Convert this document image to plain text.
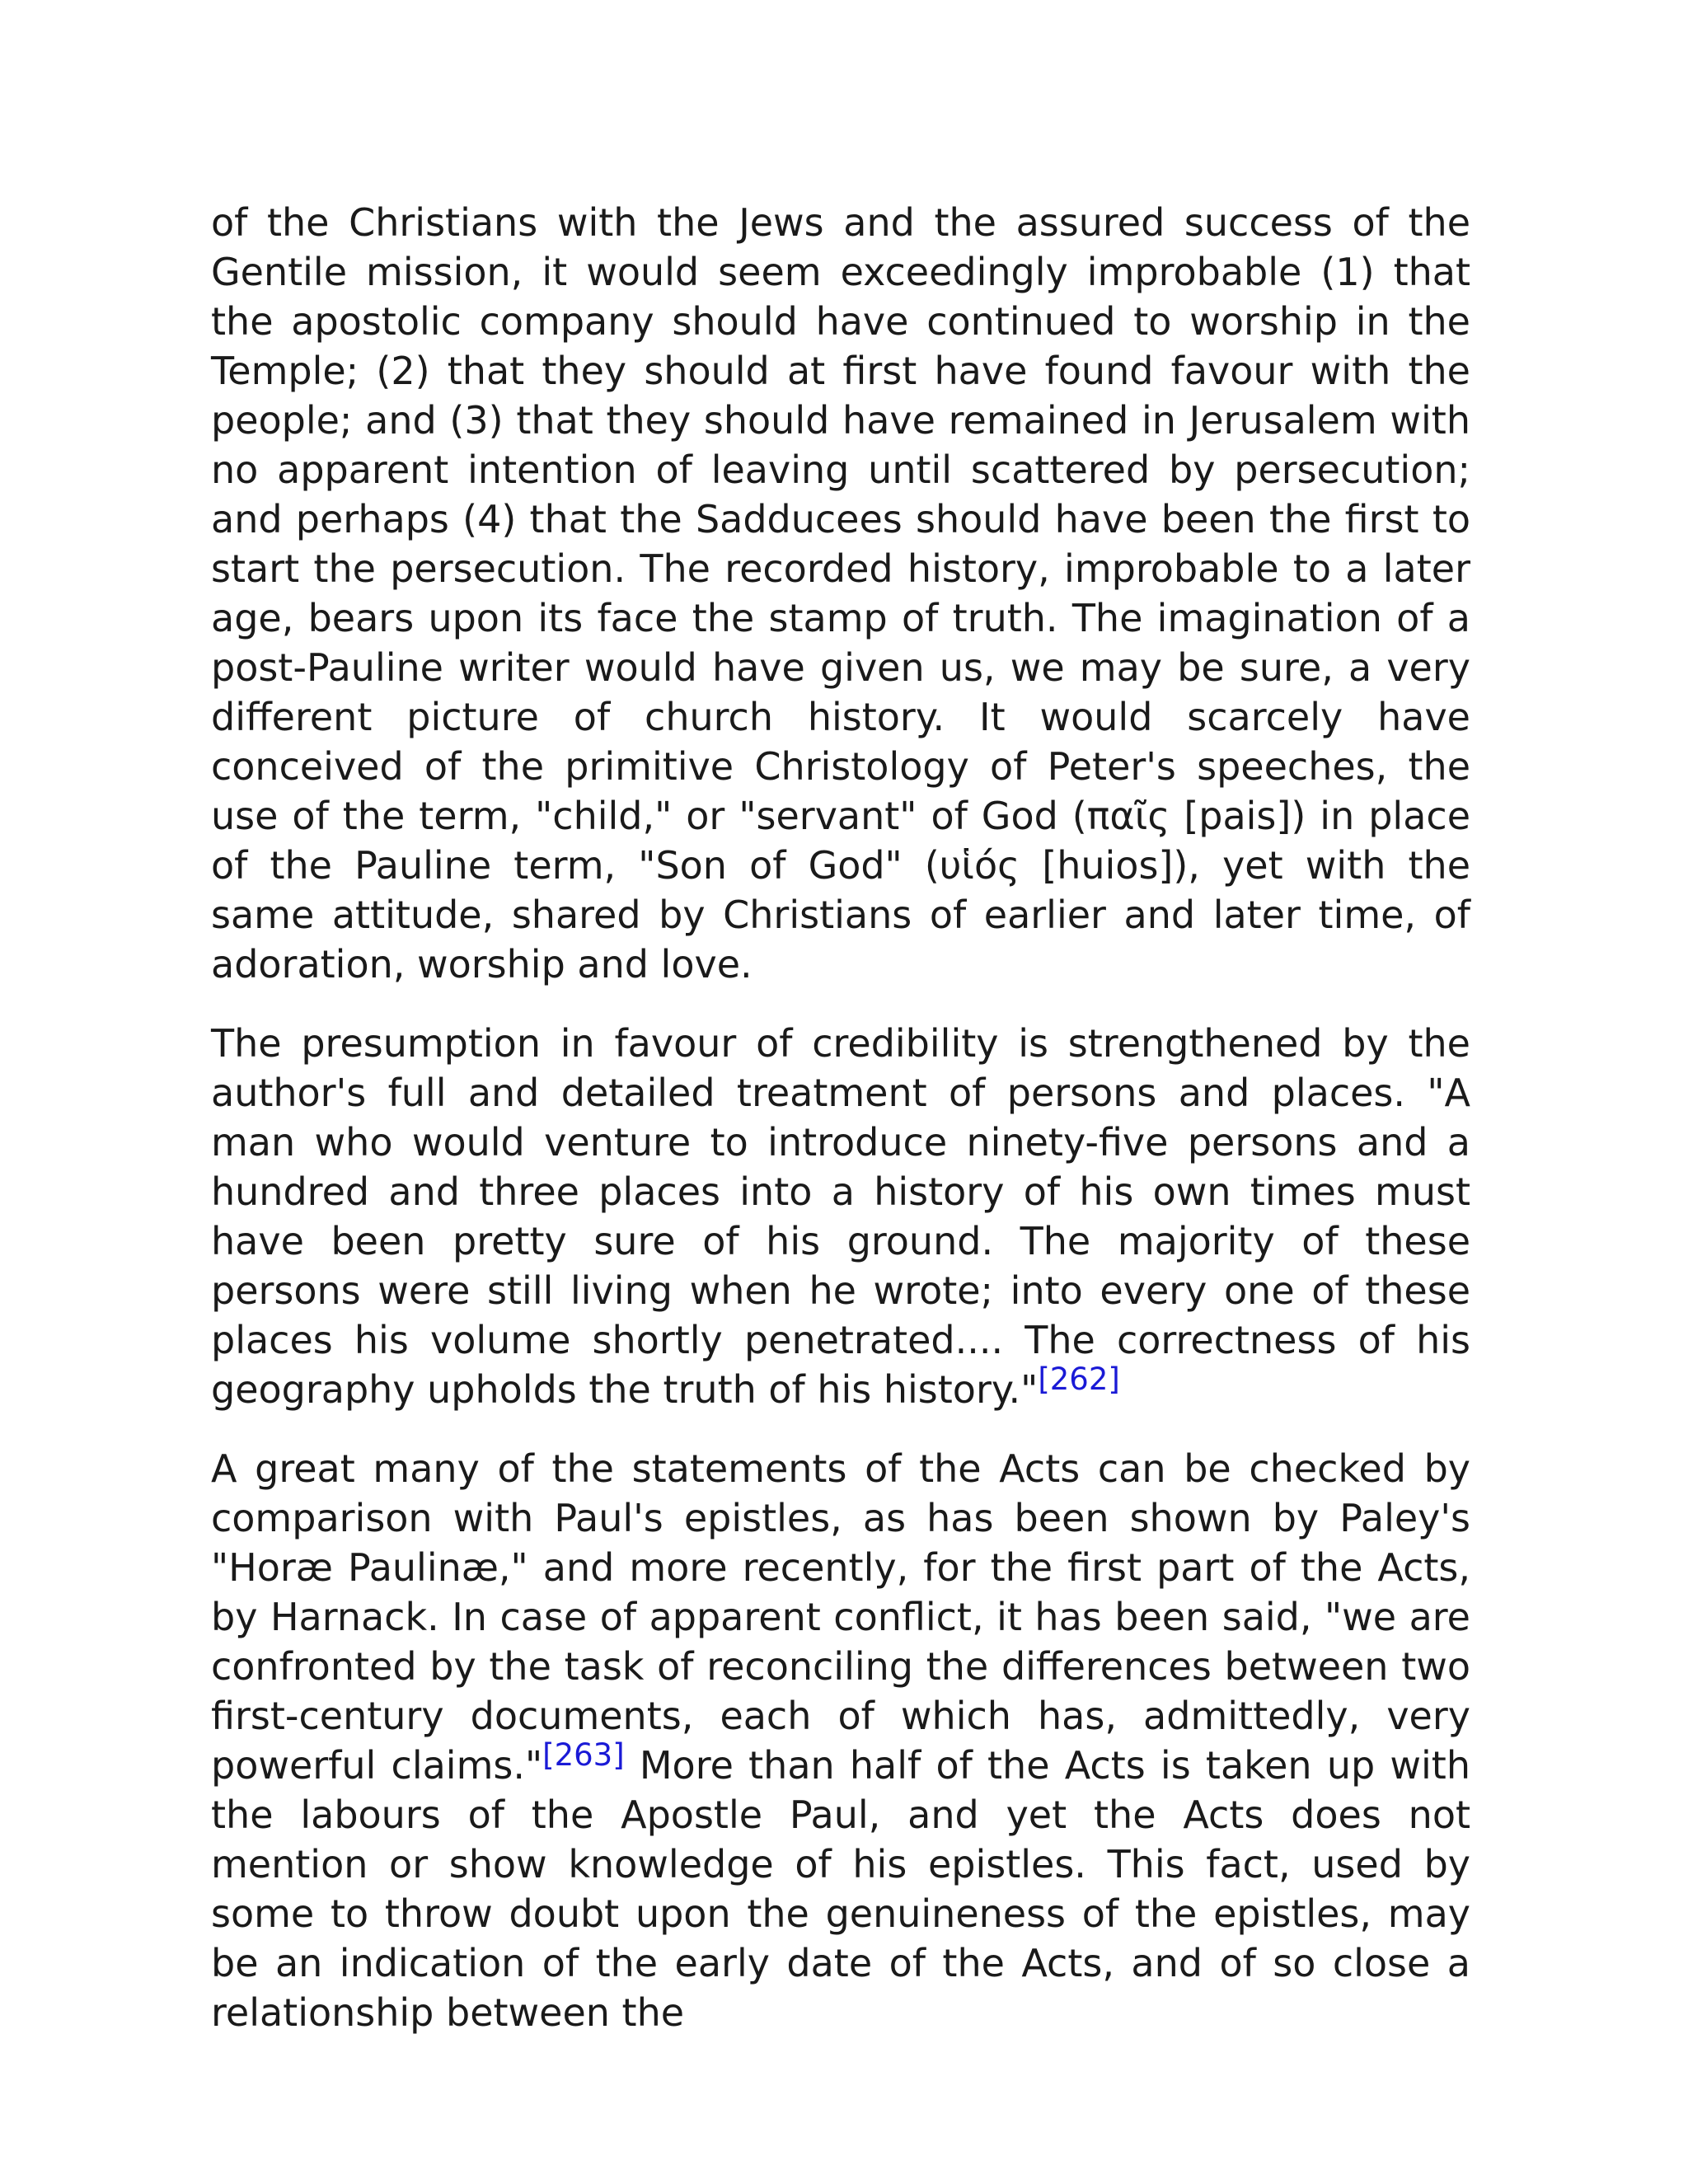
of the Christians with the Jews and the assured success of the Gentile mission, it would seem exceedingly improbable (1) that the apostolic company should have continued to worship in the Temple; (2) that they should at first have found favour with the people; and (3) that they should have remained in Jerusalem with no apparent intention of leaving until scattered by persecution; and perhaps (4) that the Sadducees should have been the first to start the persecution. The recorded history, improbable to a later age, bears upon its face the stamp of truth. The imagination of a post-Pauline writer would have given us, we may be sure, a very different picture of church history. It would scarcely have conceived of the primitive Christology of Peter's speeches, the use of the term, "child," or "servant" of God (παῖς [pais]) in place of the Pauline term, "Son of God" (υἱός [huios]), yet with the same attitude, shared by Christians of earlier and later time, of adoration, worship and love.

The presumption in favour of credibility is strengthened by the author's full and detailed treatment of persons and places. "A man who would venture to introduce ninety-five persons and a hundred and three places into a history of his own times must have been pretty sure of his ground. The majority of these persons were still living when he wrote; into every one of these places his volume shortly penetrated.... The correctness of his geography upholds the truth of his history."[262]

A great many of the statements of the Acts can be checked by comparison with Paul's epistles, as has been shown by Paley's "Horæ Paulinæ," and more recently, for the first part of the Acts, by Harnack. In case of apparent conflict, it has been said, "we are confronted by the task of reconciling the differences between two first-century documents, each of which has, admittedly, very powerful claims."[263] More than half of the Acts is taken up with the labours of the Apostle Paul, and yet the Acts does not mention or show knowledge of his epistles. This fact, used by some to throw doubt upon the genuineness of the epistles, may be an indication of the early date of the Acts, and of so close a relationship between the
